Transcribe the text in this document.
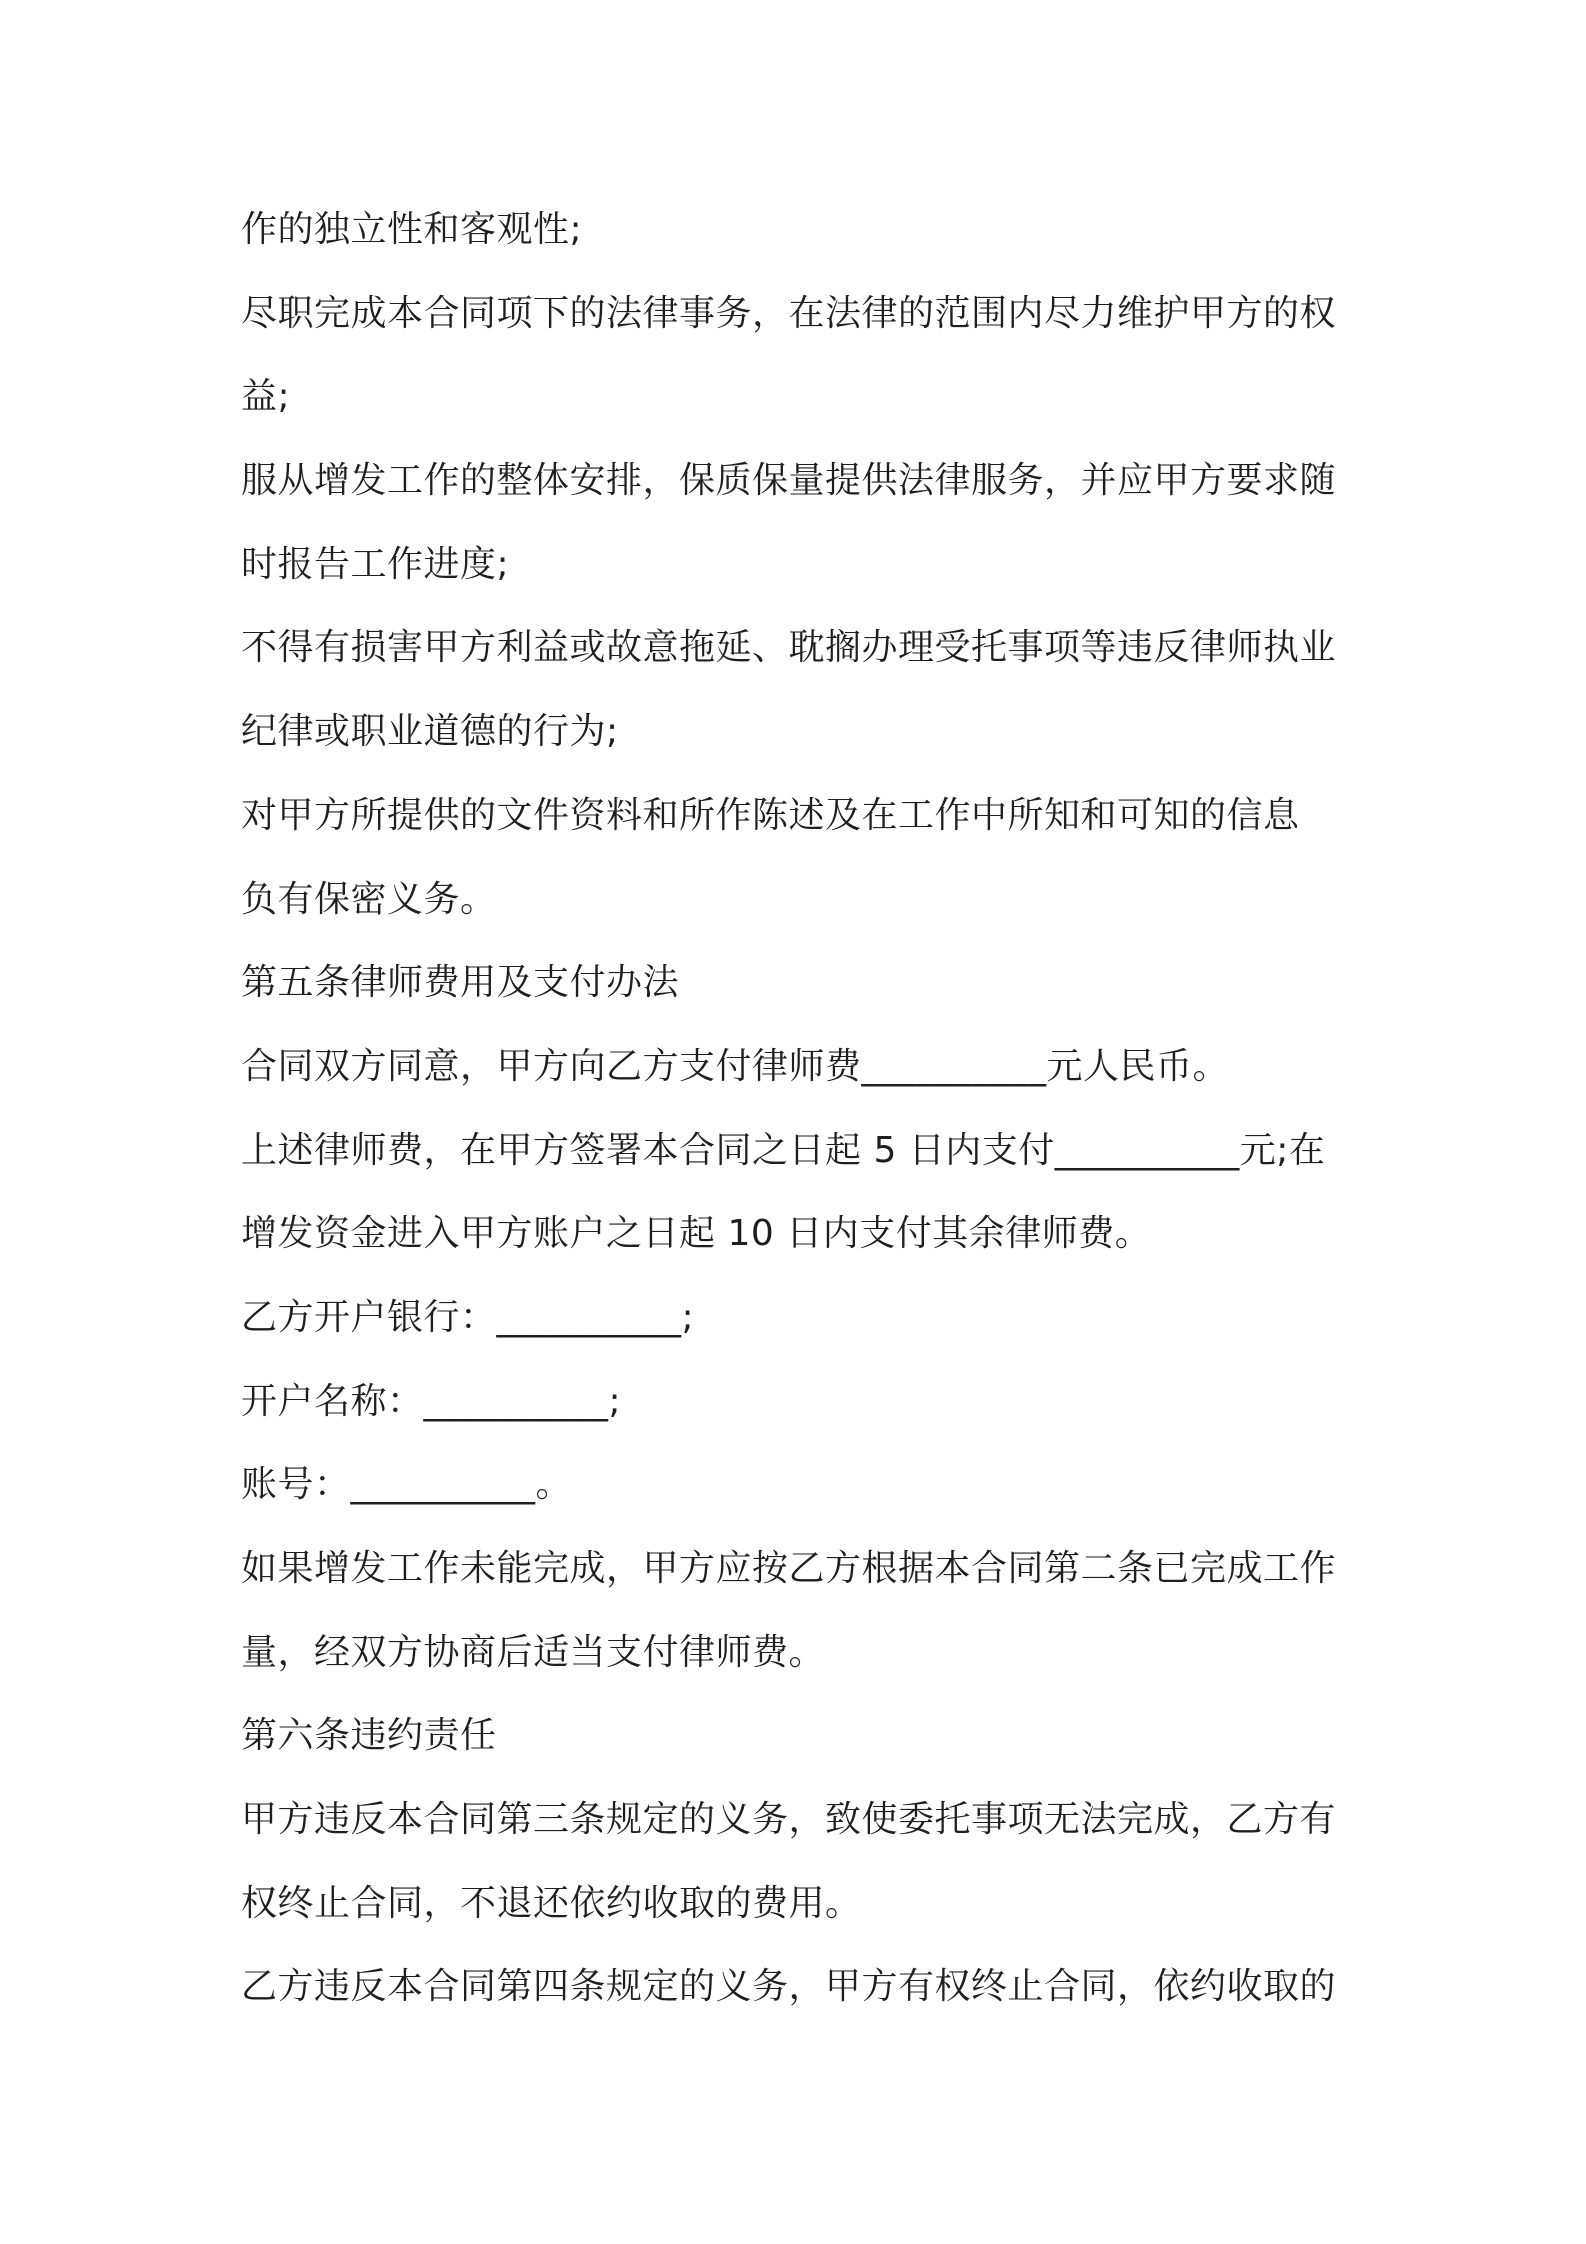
作的独立性和客观性;

尽职完成本合同项下的法律事务，在法律的范围内尽力维护甲方的权

益;

服从增发工作的整体安排，保质保量提供法律服务，并应甲方要求随

时报告工作进度;

不得有损害甲方利益或故意拖延、耽搁办理受托事项等违反律师执业

纪律或职业道德的行为;

对甲方所提供的文件资料和所作陈述及在工作中所知和可知的信息

负有保密义务。

第五条律师费用及支付办法

合同双方同意，甲方向乙方支付律师费__________元人民币。

上述律师费，在甲方签署本合同之日起 5 日内支付__________元;在

增发资金进入甲方账户之日起 10 日内支付其余律师费。

乙方开户银行：__________;

开户名称：__________;

账号：__________。

如果增发工作未能完成，甲方应按乙方根据本合同第二条已完成工作

量，经双方协商后适当支付律师费。

第六条违约责任

甲方违反本合同第三条规定的义务，致使委托事项无法完成，乙方有

权终止合同，不退还依约收取的费用。

乙方违反本合同第四条规定的义务，甲方有权终止合同，依约收取的
